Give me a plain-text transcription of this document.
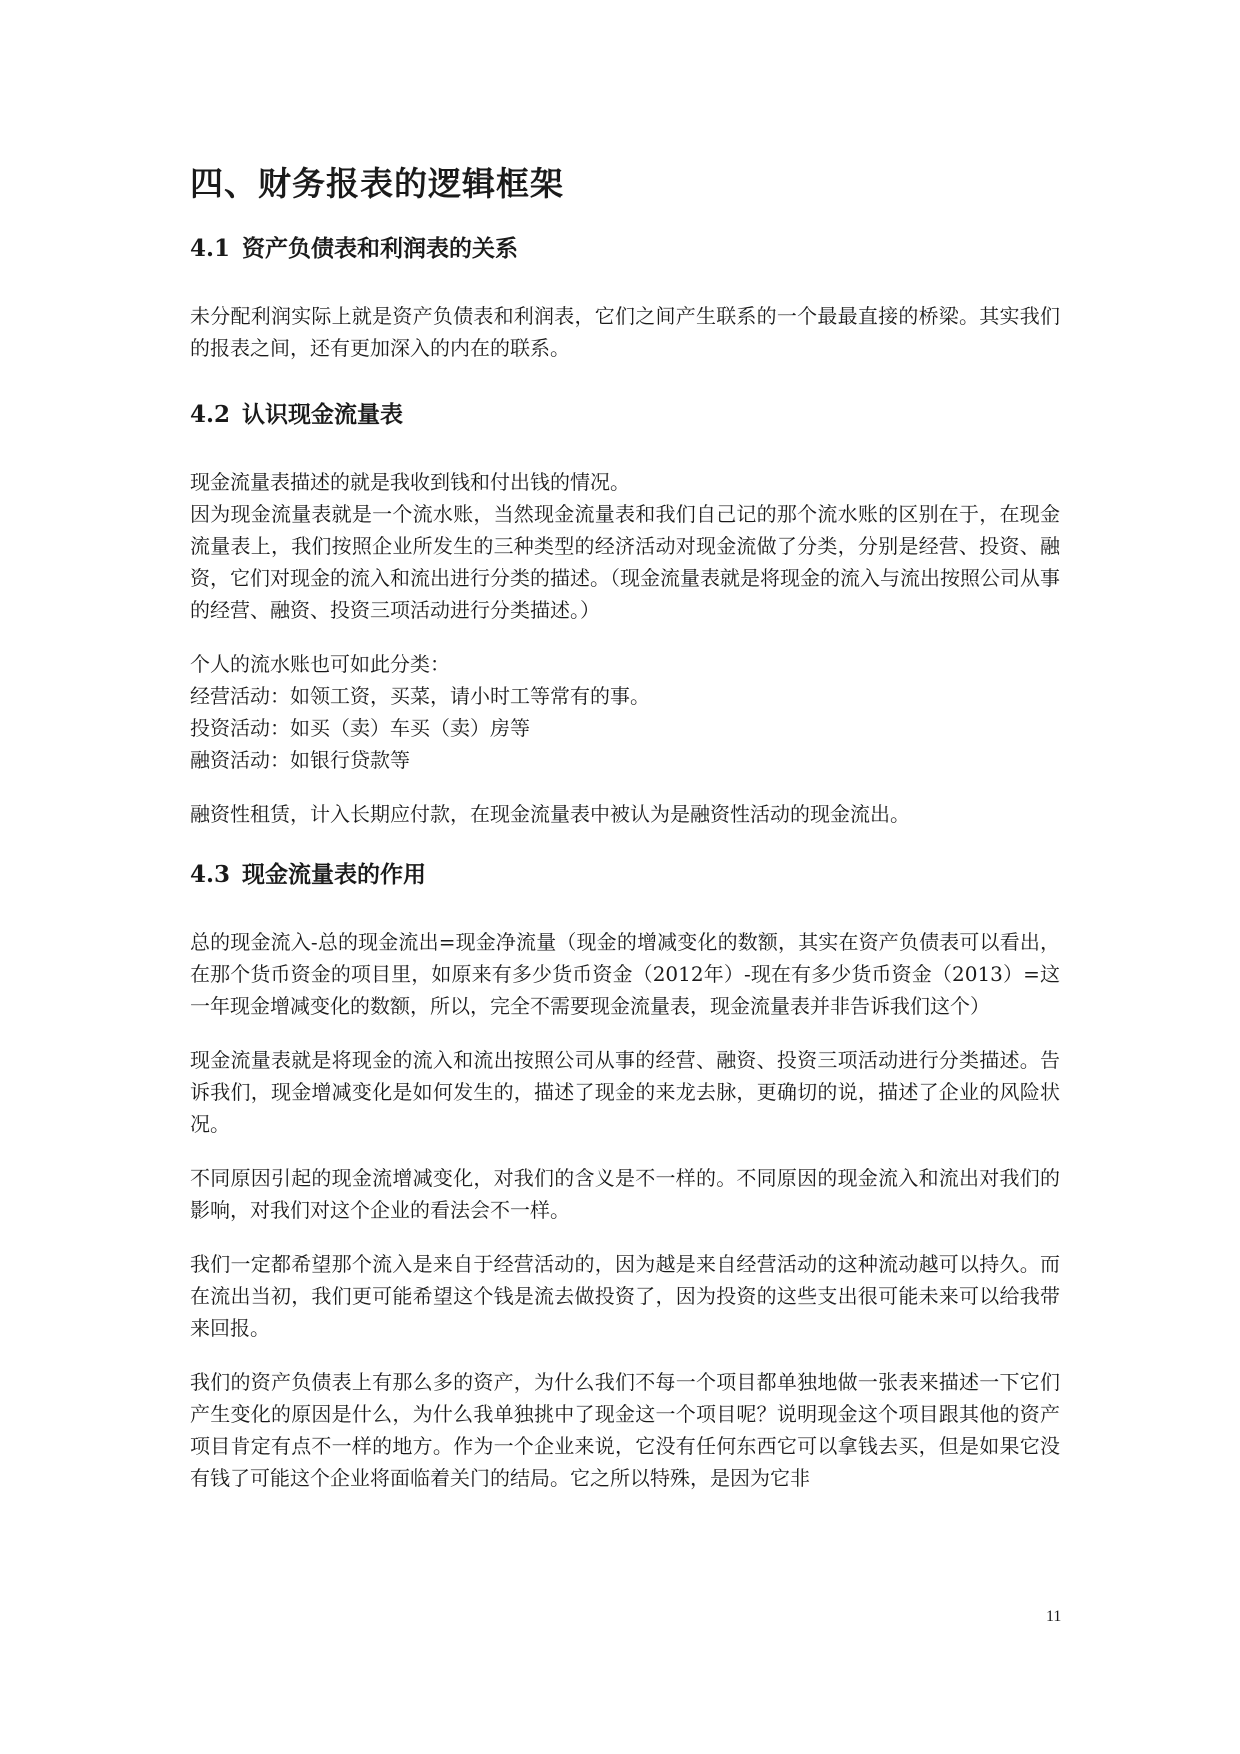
四、财务报表的逻辑框架
4.1 资产负债表和利润表的关系

未分配利润实际上就是资产负债表和利润表，它们之间产生联系的一个最最直接的桥梁。其实我们的报表之间，还有更加深入的内在的联系。

4.2 认识现金流量表

现金流量表描述的就是我收到钱和付出钱的情况。

因为现金流量表就是一个流水账，当然现金流量表和我们自己记的那个流水账的区别在于，在现金流量表上，我们按照企业所发生的三种类型的经济活动对现金流做了分类，分别是经营、投资、融资，它们对现金的流入和流出进行分类的描述。（现金流量表就是将现金的流入与流出按照公司从事的经营、融资、投资三项活动进行分类描述。）

个人的流水账也可如此分类：

经营活动：如领工资，买菜，请小时工等常有的事。

投资活动：如买（卖）车买（卖）房等

融资活动：如银行贷款等

融资性租赁，计入长期应付款，在现金流量表中被认为是融资性活动的现金流出。

4.3 现金流量表的作用

总的现金流入-总的现金流出=现金净流量（现金的增减变化的数额，其实在资产负债表可以看出，在那个货币资金的项目里，如原来有多少货币资金（2012年）-现在有多少货币资金（2013）=这一年现金增减变化的数额，所以，完全不需要现金流量表，现金流量表并非告诉我们这个）

现金流量表就是将现金的流入和流出按照公司从事的经营、融资、投资三项活动进行分类描述。告诉我们，现金增减变化是如何发生的，描述了现金的来龙去脉，更确切的说，描述了企业的风险状况。

不同原因引起的现金流增减变化，对我们的含义是不一样的。不同原因的现金流入和流出对我们的影响，对我们对这个企业的看法会不一样。

我们一定都希望那个流入是来自于经营活动的，因为越是来自经营活动的这种流动越可以持久。而在流出当初，我们更可能希望这个钱是流去做投资了，因为投资的这些支出很可能未来可以给我带来回报。

我们的资产负债表上有那么多的资产，为什么我们不每一个项目都单独地做一张表来描述一下它们产生变化的原因是什么，为什么我单独挑中了现金这一个项目呢？说明现金这个项目跟其他的资产项目肯定有点不一样的地方。作为一个企业来说，它没有任何东西它可以拿钱去买，但是如果它没有钱了可能这个企业将面临着关门的结局。它之所以特殊，是因为它非

11
